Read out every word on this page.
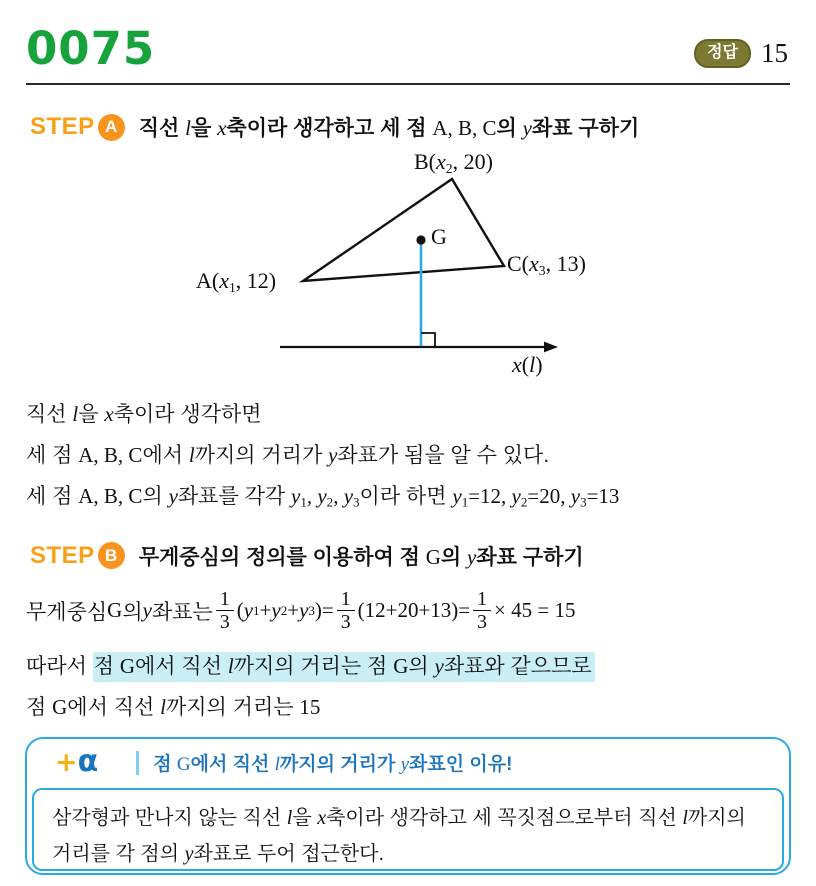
0075	정답 15
STEP A	직선 l을 x축이라 생각하고 세 점 A, B, C의 y좌표 구하기
B(x2, 20)
G
C(x3, 13)
A(x1, 12)
x(l)
직선 l을 x축이라 생각하면
세 점 A, B, C에서 l까지의 거리가 y좌표가 됨을 알 수 있다.
세 점 A, B, C의 y좌표를 각각 y1, y2, y3이라 하면 y1=12, y2=20, y3=13
STEP B	무게중심의 정의를 이용하여 점 G의 y좌표 구하기
무게중심 G 의 y 좌표는 $\frac{1}{3}$ ( y 1 + y 2 + y 3 )= $\frac{1}{3} (12+20+13)= \frac{1}{3} \times 45 = 15$
따라서 점 G에서 직선 l까지의 거리는 점 G의 y좌표와 같으므로
점 G에서 직선 l까지의 거리는 15
+ α	점 G에서 직선 l까지의 거리가 y좌표인 이유!
삼각형과 만나지 않는 직선 l을 x축이라 생각하고 세 꼭짓점으로부터 직선 l까지의 거리를 각 점의 y좌표로 두어 접근한다.
